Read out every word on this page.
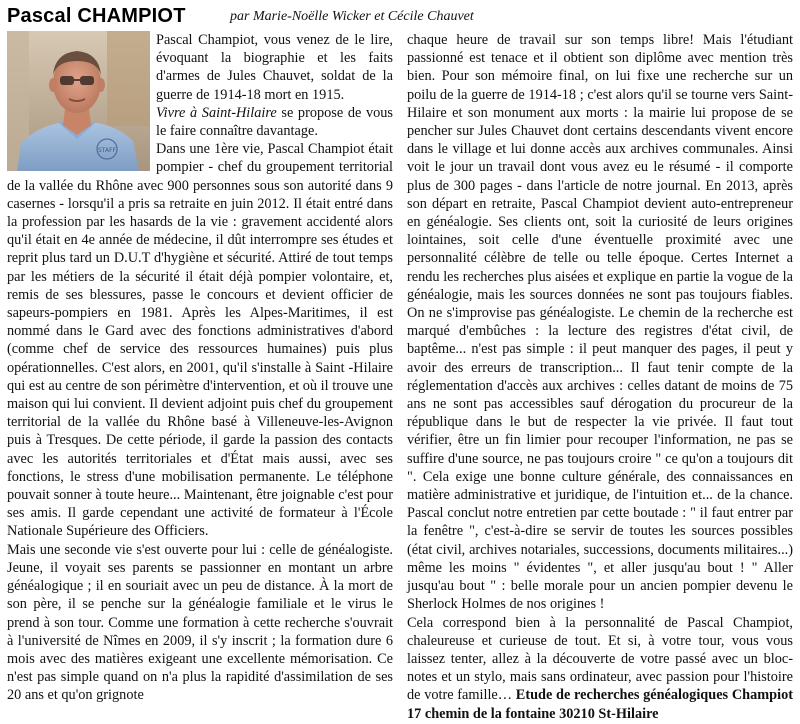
Pascal CHAMPIOT	par Marie-Noëlle Wicker et Cécile Chauvet
STAFF

Pascal Champiot, vous venez de le lire, évoquant la biographie et les faits d'armes de Jules Chauvet, soldat de la guerre de 1914-18 mort en 1915.

Vivre à Saint-Hilaire se propose de vous le faire connaître davantage.

Dans une 1ère vie, Pascal Champiot était pompier - chef du groupement territorial de la vallée du Rhône avec 900 personnes sous son autorité dans 9 casernes - lorsqu'il a pris sa retraite en juin 2012. Il était entré dans la profession par les hasards de la vie : gravement accidenté alors qu'il était en 4e année de médecine, il dût interrompre ses études et reprit plus tard un D.U.T d'hygiène et sécurité. Attiré de tout temps par les métiers de la sécurité il était déjà pompier volontaire, et, remis de ses blessures, passe le concours et devient officier de sapeurs-pompiers en 1981. Après les Alpes-Maritimes, il est nommé dans le Gard avec des fonctions administratives d'abord (comme chef de service des ressources humaines) puis plus opérationnelles. C'est alors, en 2001, qu'il s'installe à Saint -Hilaire qui est au centre de son périmètre d'intervention, et où il trouve une maison qui lui convient. Il devient adjoint puis chef du groupement territorial de la vallée du Rhône basé à Villeneuve-les-Avignon puis à Tresques. De cette période, il garde la passion des contacts avec les autorités territoriales et d'État mais aussi, avec ses fonctions, le stress d'une mobilisation permanente. Le téléphone pouvait sonner à toute heure... Maintenant, être joignable c'est pour ses amis. Il garde cependant une activité de formateur à l'École Nationale Supérieure des Officiers.

Mais une seconde vie s'est ouverte pour lui : celle de généalogiste. Jeune, il voyait ses parents se passionner en montant un arbre généalogique ; il en souriait avec un peu de distance. À la mort de son père, il se penche sur la généalogie familiale et le virus le prend à son tour. Comme une formation à cette recherche s'ouvrait à l'université de Nîmes en 2009, il s'y inscrit ; la formation dure 6 mois avec des matières exigeant une excellente mémorisation. Ce n'est pas simple quand on n'a plus la rapidité d'assimilation de ses 20 ans et qu'on grignote

chaque heure de travail sur son temps libre! Mais l'étudiant passionné est tenace et il obtient son diplôme avec mention très bien. Pour son mémoire final, on lui fixe une recherche sur un poilu de la guerre de 1914-18 ; c'est alors qu'il se tourne vers Saint-Hilaire et son monument aux morts : la mairie lui propose de se pencher sur Jules Chauvet dont certains descendants vivent encore dans le village et lui donne accès aux archives communales. Ainsi voit le jour un travail dont vous avez eu le résumé - il comporte plus de 300 pages - dans l'article de notre journal. En 2013, après son départ en retraite, Pascal Champiot devient auto-entrepreneur en généalogie. Ses clients ont, soit la curiosité de leurs origines lointaines, soit celle d'une éventuelle proximité avec une personnalité célèbre de telle ou telle époque. Certes Internet a rendu les recherches plus aisées et explique en partie la vogue de la généalogie, mais les sources données ne sont pas toujours fiables. On ne s'improvise pas généalogiste. Le chemin de la recherche est marqué d'embûches : la lecture des registres d'état civil, de baptême... n'est pas simple : il peut manquer des pages, il peut y avoir des erreurs de transcription... Il faut tenir compte de la réglementation d'accès aux archives : celles datant de moins de 75 ans ne sont pas accessibles sauf dérogation du procureur de la république dans le but de respecter la vie privée. Il faut tout vérifier, être un fin limier pour recouper l'information, ne pas se suffire d'une source, ne pas toujours croire " ce qu'on a toujours dit ". Cela exige une bonne culture générale, des connaissances en matière administrative et juridique, de l'intuition et... de la chance. Pascal conclut notre entretien par cette boutade : " il faut entrer par la fenêtre ", c'est-à-dire se servir de toutes les sources possibles (état civil, archives notariales, successions, documents militaires...) même les moins " évidentes ", et aller jusqu'au bout ! " Aller jusqu'au bout " : belle morale pour un ancien pompier devenu le Sherlock Holmes de nos origines !

Cela correspond bien à la personnalité de Pascal Champiot, chaleureuse et curieuse de tout. Et si, à votre tour, vous vous laissez tenter, allez à la découverte de votre passé avec un bloc-notes et un stylo, mais sans ordinateur, avec passion pour l'histoire de votre famille… Etude de recherches généalogiques Champiot 17 chemin de la fontaine 30210 St-Hilaire
